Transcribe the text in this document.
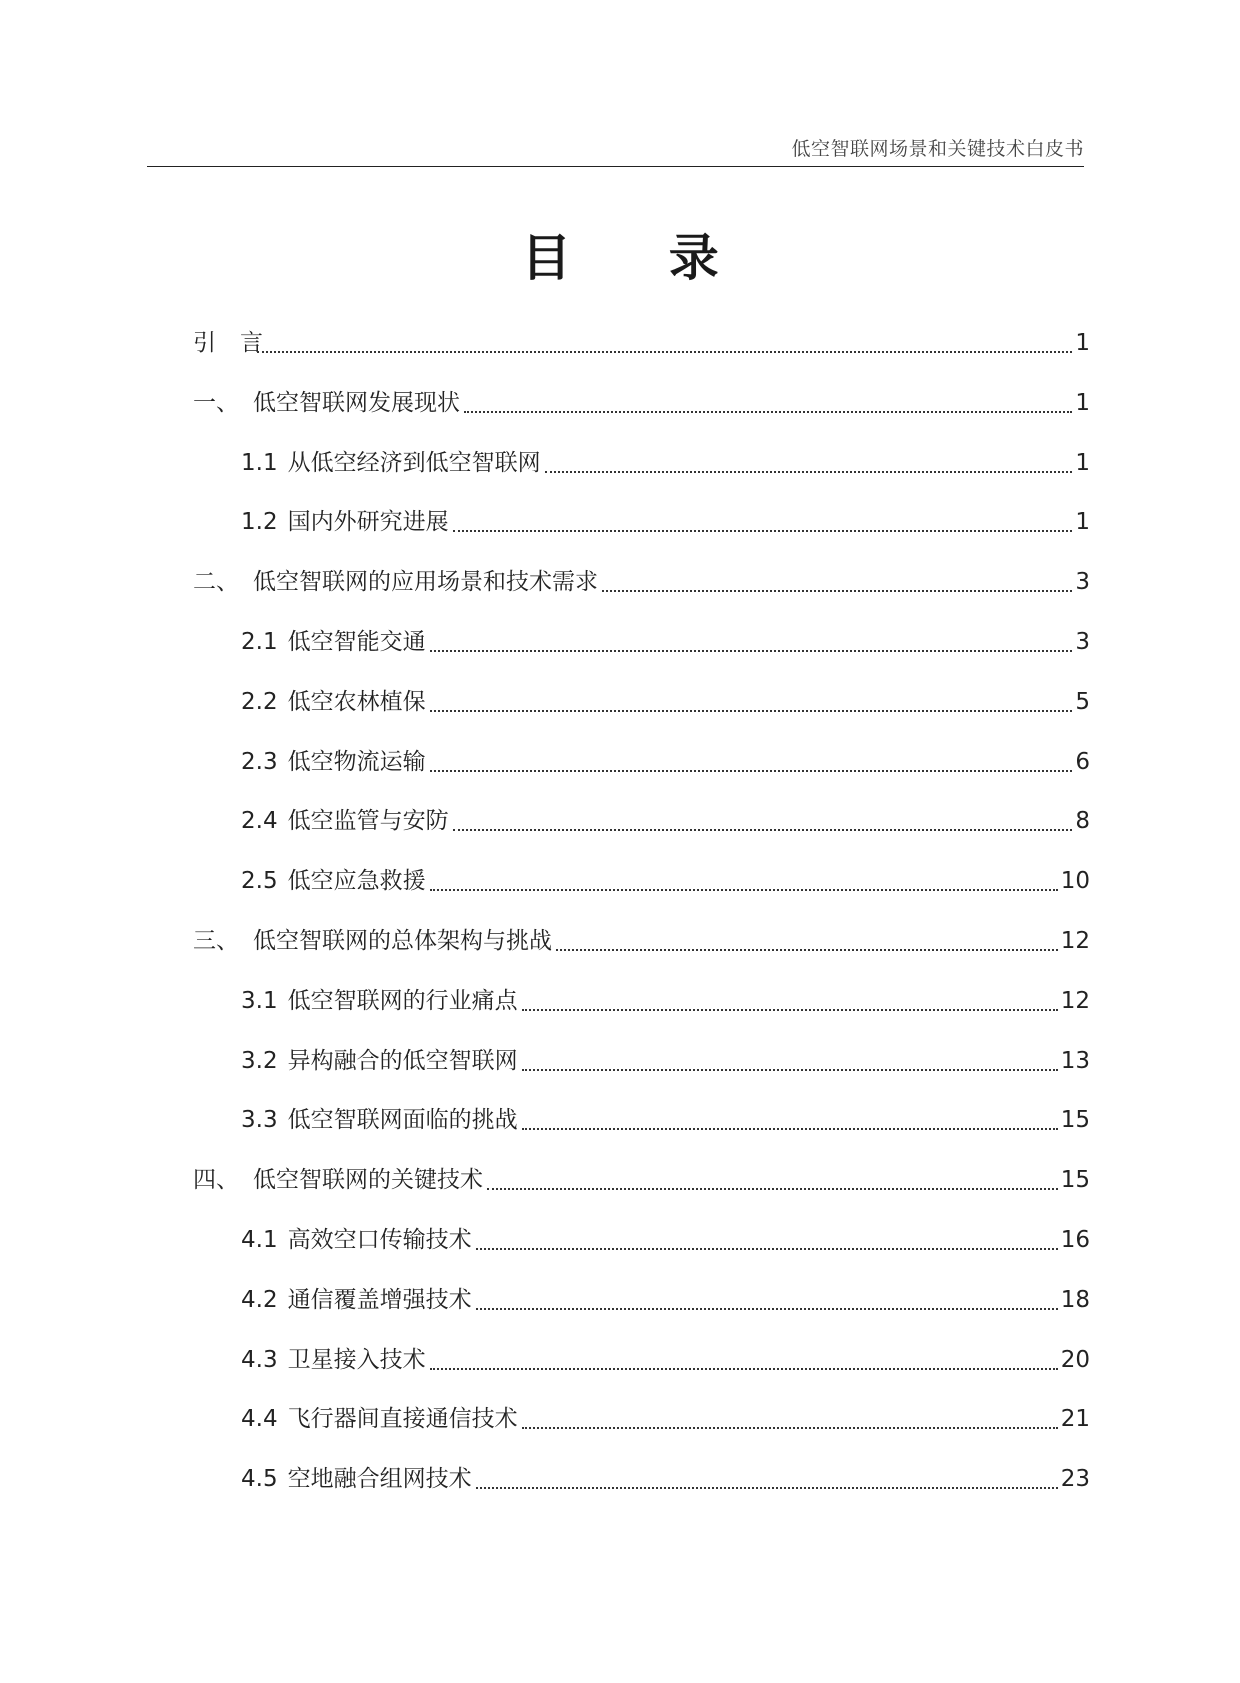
低空智联网场景和关键技术白皮书
目 录
引言	1
一、 低空智联网发展现状	1
1.1 从低空经济到低空智联网	1
1.2 国内外研究进展	1
二、 低空智联网的应用场景和技术需求	3
2.1 低空智能交通	3
2.2 低空农林植保	5
2.3 低空物流运输	6
2.4 低空监管与安防	8
2.5 低空应急救援	10
三、 低空智联网的总体架构与挑战	12
3.1 低空智联网的行业痛点	12
3.2 异构融合的低空智联网	13
3.3 低空智联网面临的挑战	15
四、 低空智联网的关键技术	15
4.1 高效空口传输技术	16
4.2 通信覆盖增强技术	18
4.3 卫星接入技术	20
4.4 飞行器间直接通信技术	21
4.5 空地融合组网技术	23
